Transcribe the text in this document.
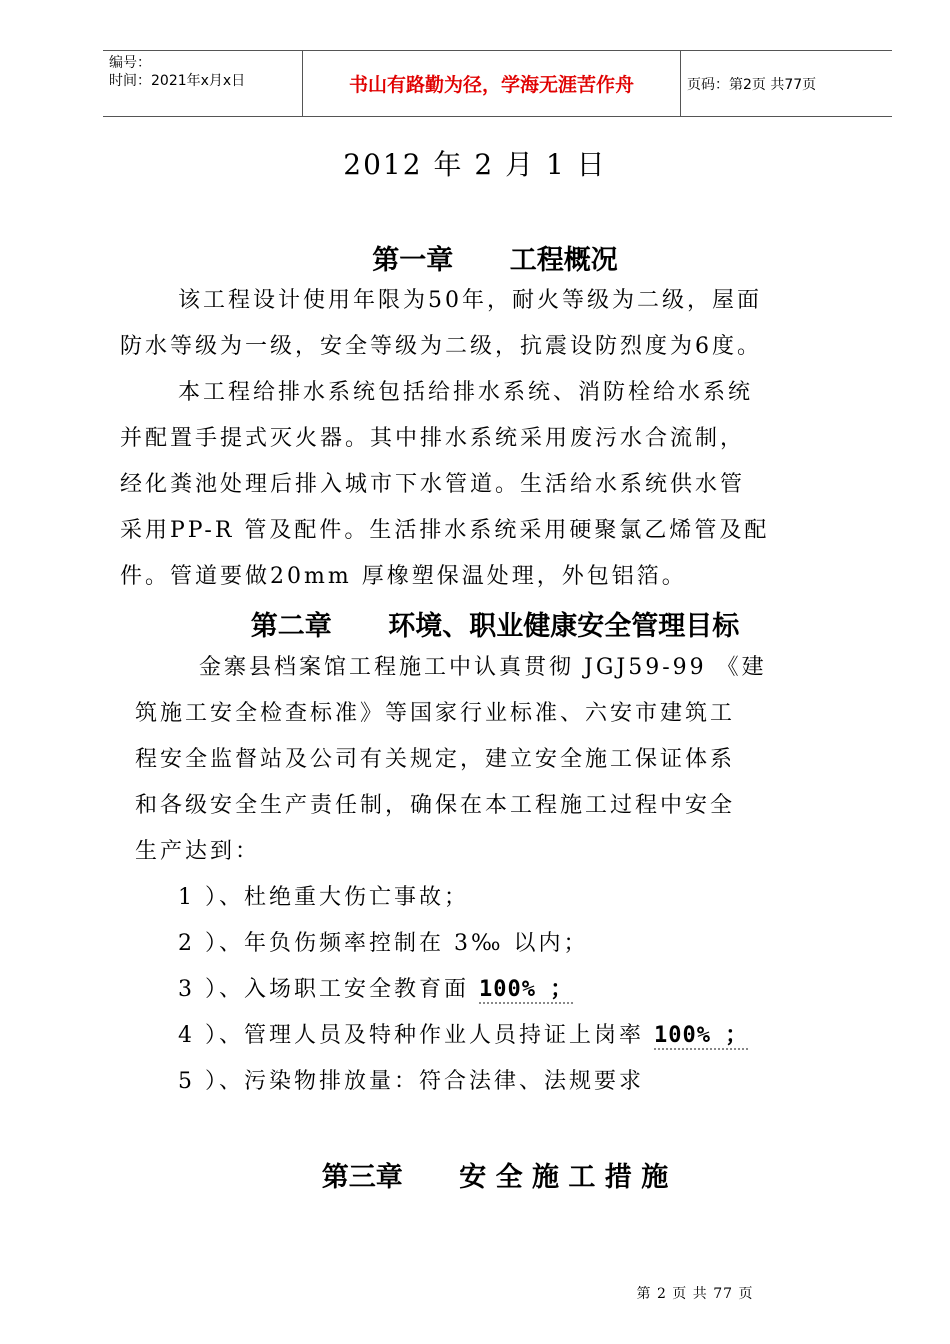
编号：
时间：2021年x月x日	书山有路勤为径，学海无涯苦作舟	页码：第2页 共77页
2012 年 2 月 1 日
第一章      工程概况
该工程设计使用年限为50年，耐火等级为二级，屋面
防水等级为一级，安全等级为二级，抗震设防烈度为6度。
本工程给排水系统包括给排水系统、消防栓给水系统
并配置手提式灭火器。其中排水系统采用废污水合流制，
经化粪池处理后排入城市下水管道。生活给水系统供水管
采用PP-R 管及配件。生活排水系统采用硬聚氯乙烯管及配
件。管道要做20mm 厚橡塑保温处理，外包铝箔。
第二章      环境、职业健康安全管理目标
金寨县档案馆工程施工中认真贯彻 JGJ59-99 《建
筑施工安全检查标准》等国家行业标准、六安市建筑工
程安全监督站及公司有关规定，建立安全施工保证体系
和各级安全生产责任制，确保在本工程施工过程中安全
生产达到：
1 ）、杜绝重大伤亡事故；
2 ）、年负伤频率控制在 3‰ 以内；
3 ）、入场职工安全教育面 100% ；
4 ）、管理人员及特种作业人员持证上岗率 100% ；
5 ）、污染物排放量：符合法律、法规要求
第三章      安 全 施 工 措 施
第 2 页 共 77 页
